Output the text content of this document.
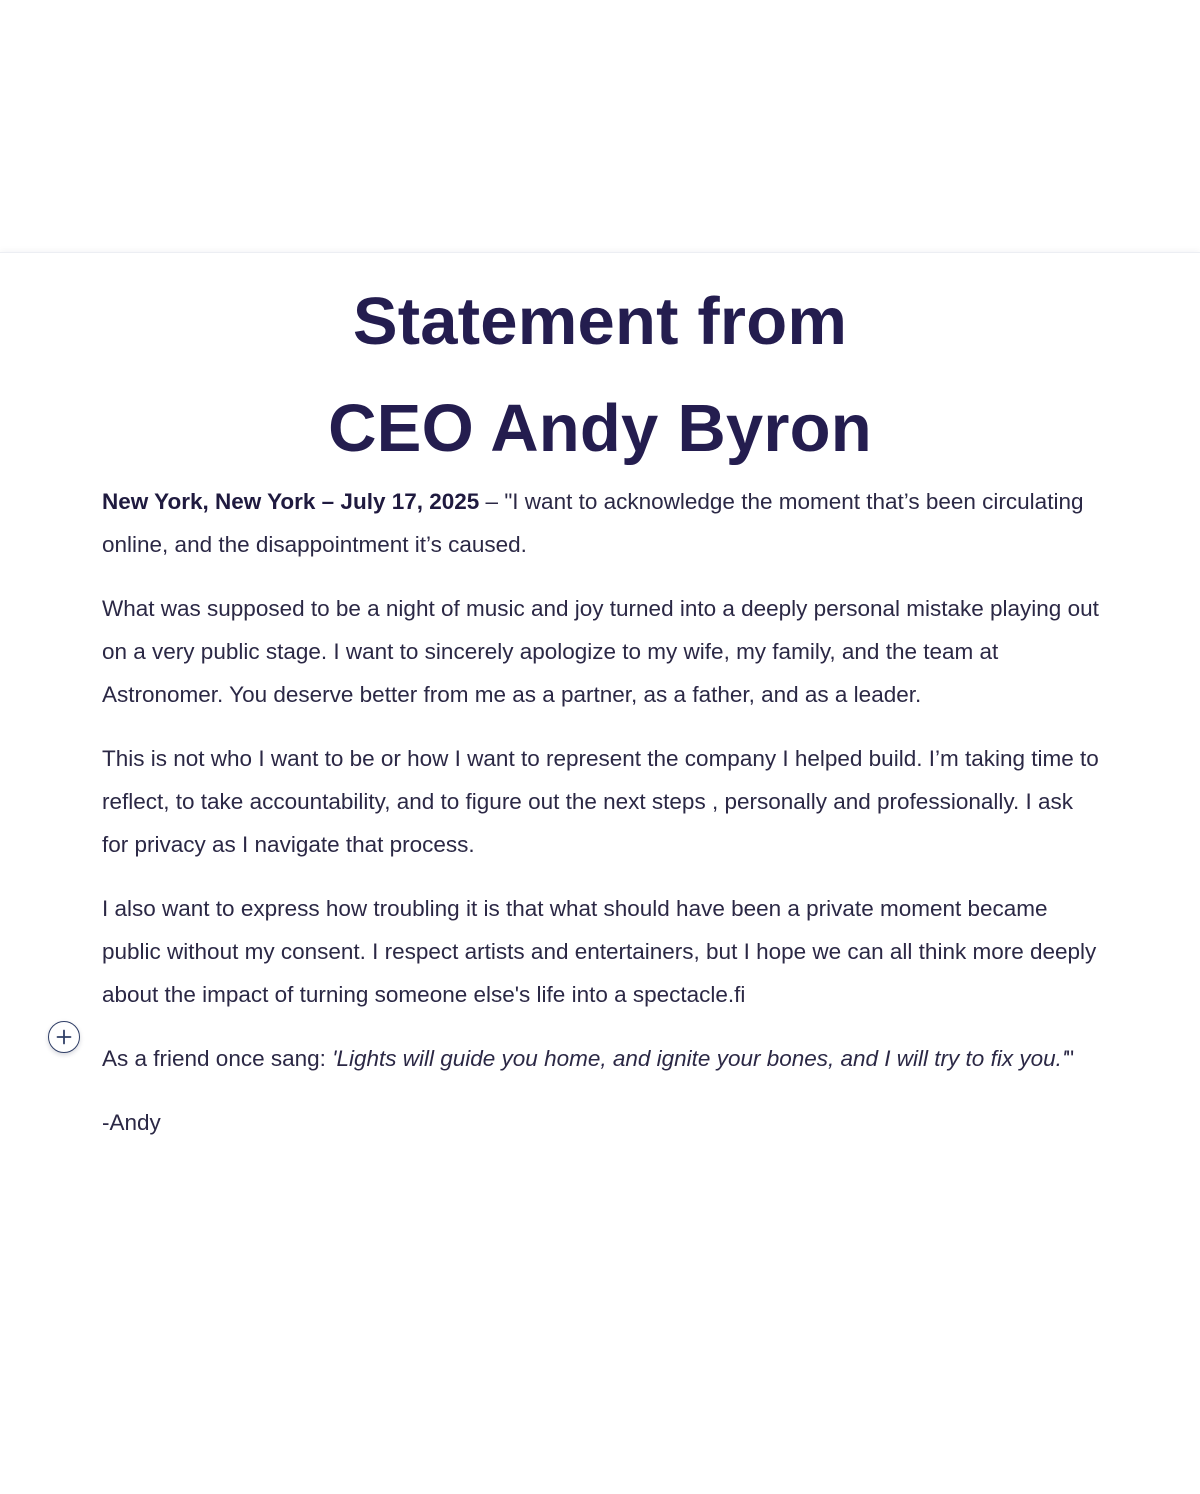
Statement from
CEO Andy Byron

New York, New York – July 17, 2025 – "I want to acknowledge the moment that’s been circulating online, and the disappointment it’s caused.

What was supposed to be a night of music and joy turned into a deeply personal mistake playing out on a very public stage. I want to sincerely apologize to my wife, my family, and the team at Astronomer. You deserve better from me as a partner, as a father, and as a leader.

This is not who I want to be or how I want to represent the company I helped build. I’m taking time to reflect, to take accountability, and to figure out the next steps , personally and professionally. I ask for privacy as I navigate that process.

I also want to express how troubling it is that what should have been a private moment became public without my consent. I respect artists and entertainers, but I hope we can all think more deeply about the impact of turning someone else's life into a spectacle.fi

As a friend once sang: 'Lights will guide you home, and ignite your bones, and I will try to fix you.'"

-Andy
